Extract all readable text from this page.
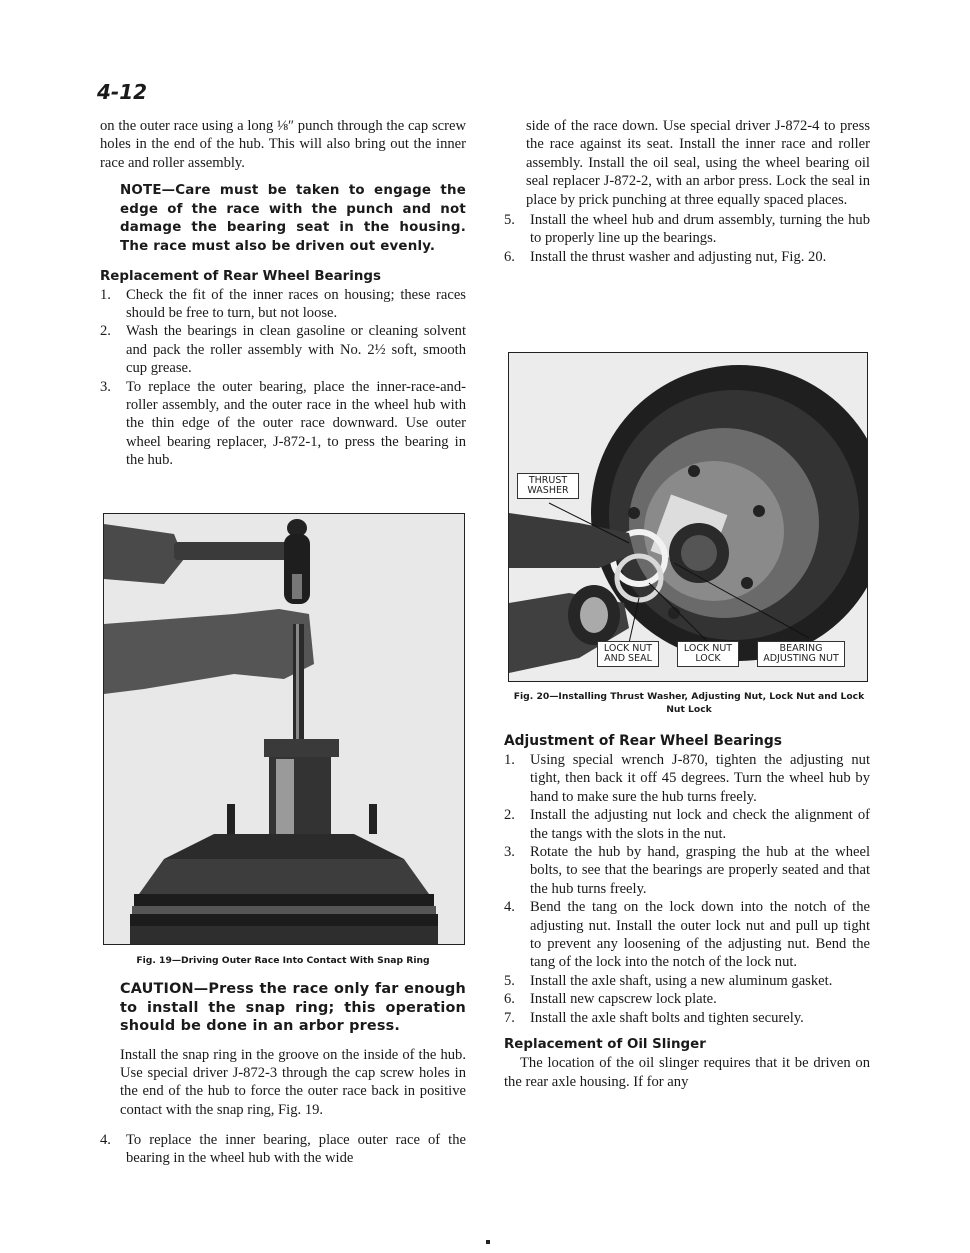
4-12

on the outer race using a long ⅛″ punch through the cap screw holes in the end of the hub. This will also bring out the inner race and roller assembly.

NOTE—Care must be taken to engage the edge of the race with the punch and not damage the bearing seat in the housing. The race must also be driven out evenly.
Replacement of Rear Wheel Bearings
1.	Check the fit of the inner races on housing; these races should be free to turn, but not loose.
2.	Wash the bearings in clean gasoline or cleaning solvent and pack the roller assembly with No. 2½ soft, smooth cup grease.
3.	To replace the outer bearing, place the inner-race-and-roller assembly, and the outer race in the wheel hub with the thin edge of the outer race downward. Use outer wheel bearing replacer, J-872-1, to press the bearing in the hub.
Fig. 19—Driving Outer Race Into Contact With Snap Ring
CAUTION—Press the race only far enough to install the snap ring; this operation should be done in an arbor press.

Install the snap ring in the groove on the inside of the hub. Use special driver J-872-3 through the cap screw holes in the end of the hub to force the outer race back in positive contact with the snap ring, Fig. 19.

4.	To replace the inner bearing, place outer race of the bearing in the wheel hub with the wide

side of the race down. Use special driver J-872-4 to press the race against its seat. Install the inner race and roller assembly. Install the oil seal, using the wheel bearing oil seal replacer J-872-2, with an arbor press. Lock the seal in place by prick punching at three equally spaced places.

5.	Install the wheel hub and drum assembly, turning the hub to properly line up the bearings.
6.	Install the thrust washer and adjusting nut, Fig. 20.
THRUST WASHER
LOCK NUT AND SEAL
LOCK NUT LOCK
BEARING ADJUSTING NUT
Fig. 20—Installing Thrust Washer, Adjusting Nut, Lock Nut and Lock Nut Lock
Adjustment of Rear Wheel Bearings
1.	Using special wrench J-870, tighten the adjusting nut tight, then back it off 45 degrees. Turn the wheel hub by hand to make sure the hub turns freely.
2.	Install the adjusting nut lock and check the alignment of the tangs with the slots in the nut.
3.	Rotate the hub by hand, grasping the hub at the wheel bolts, to see that the bearings are properly seated and that the hub turns freely.
4.	Bend the tang on the lock down into the notch of the adjusting nut. Install the outer lock nut and pull up tight to prevent any loosening of the adjusting nut. Bend the tang of the lock into the notch of the lock nut.
5.	Install the axle shaft, using a new aluminum gasket.
6.	Install new capscrew lock plate.
7.	Install the axle shaft bolts and tighten securely.
Replacement of Oil Slinger

The location of the oil slinger requires that it be driven on the rear axle housing. If for any
